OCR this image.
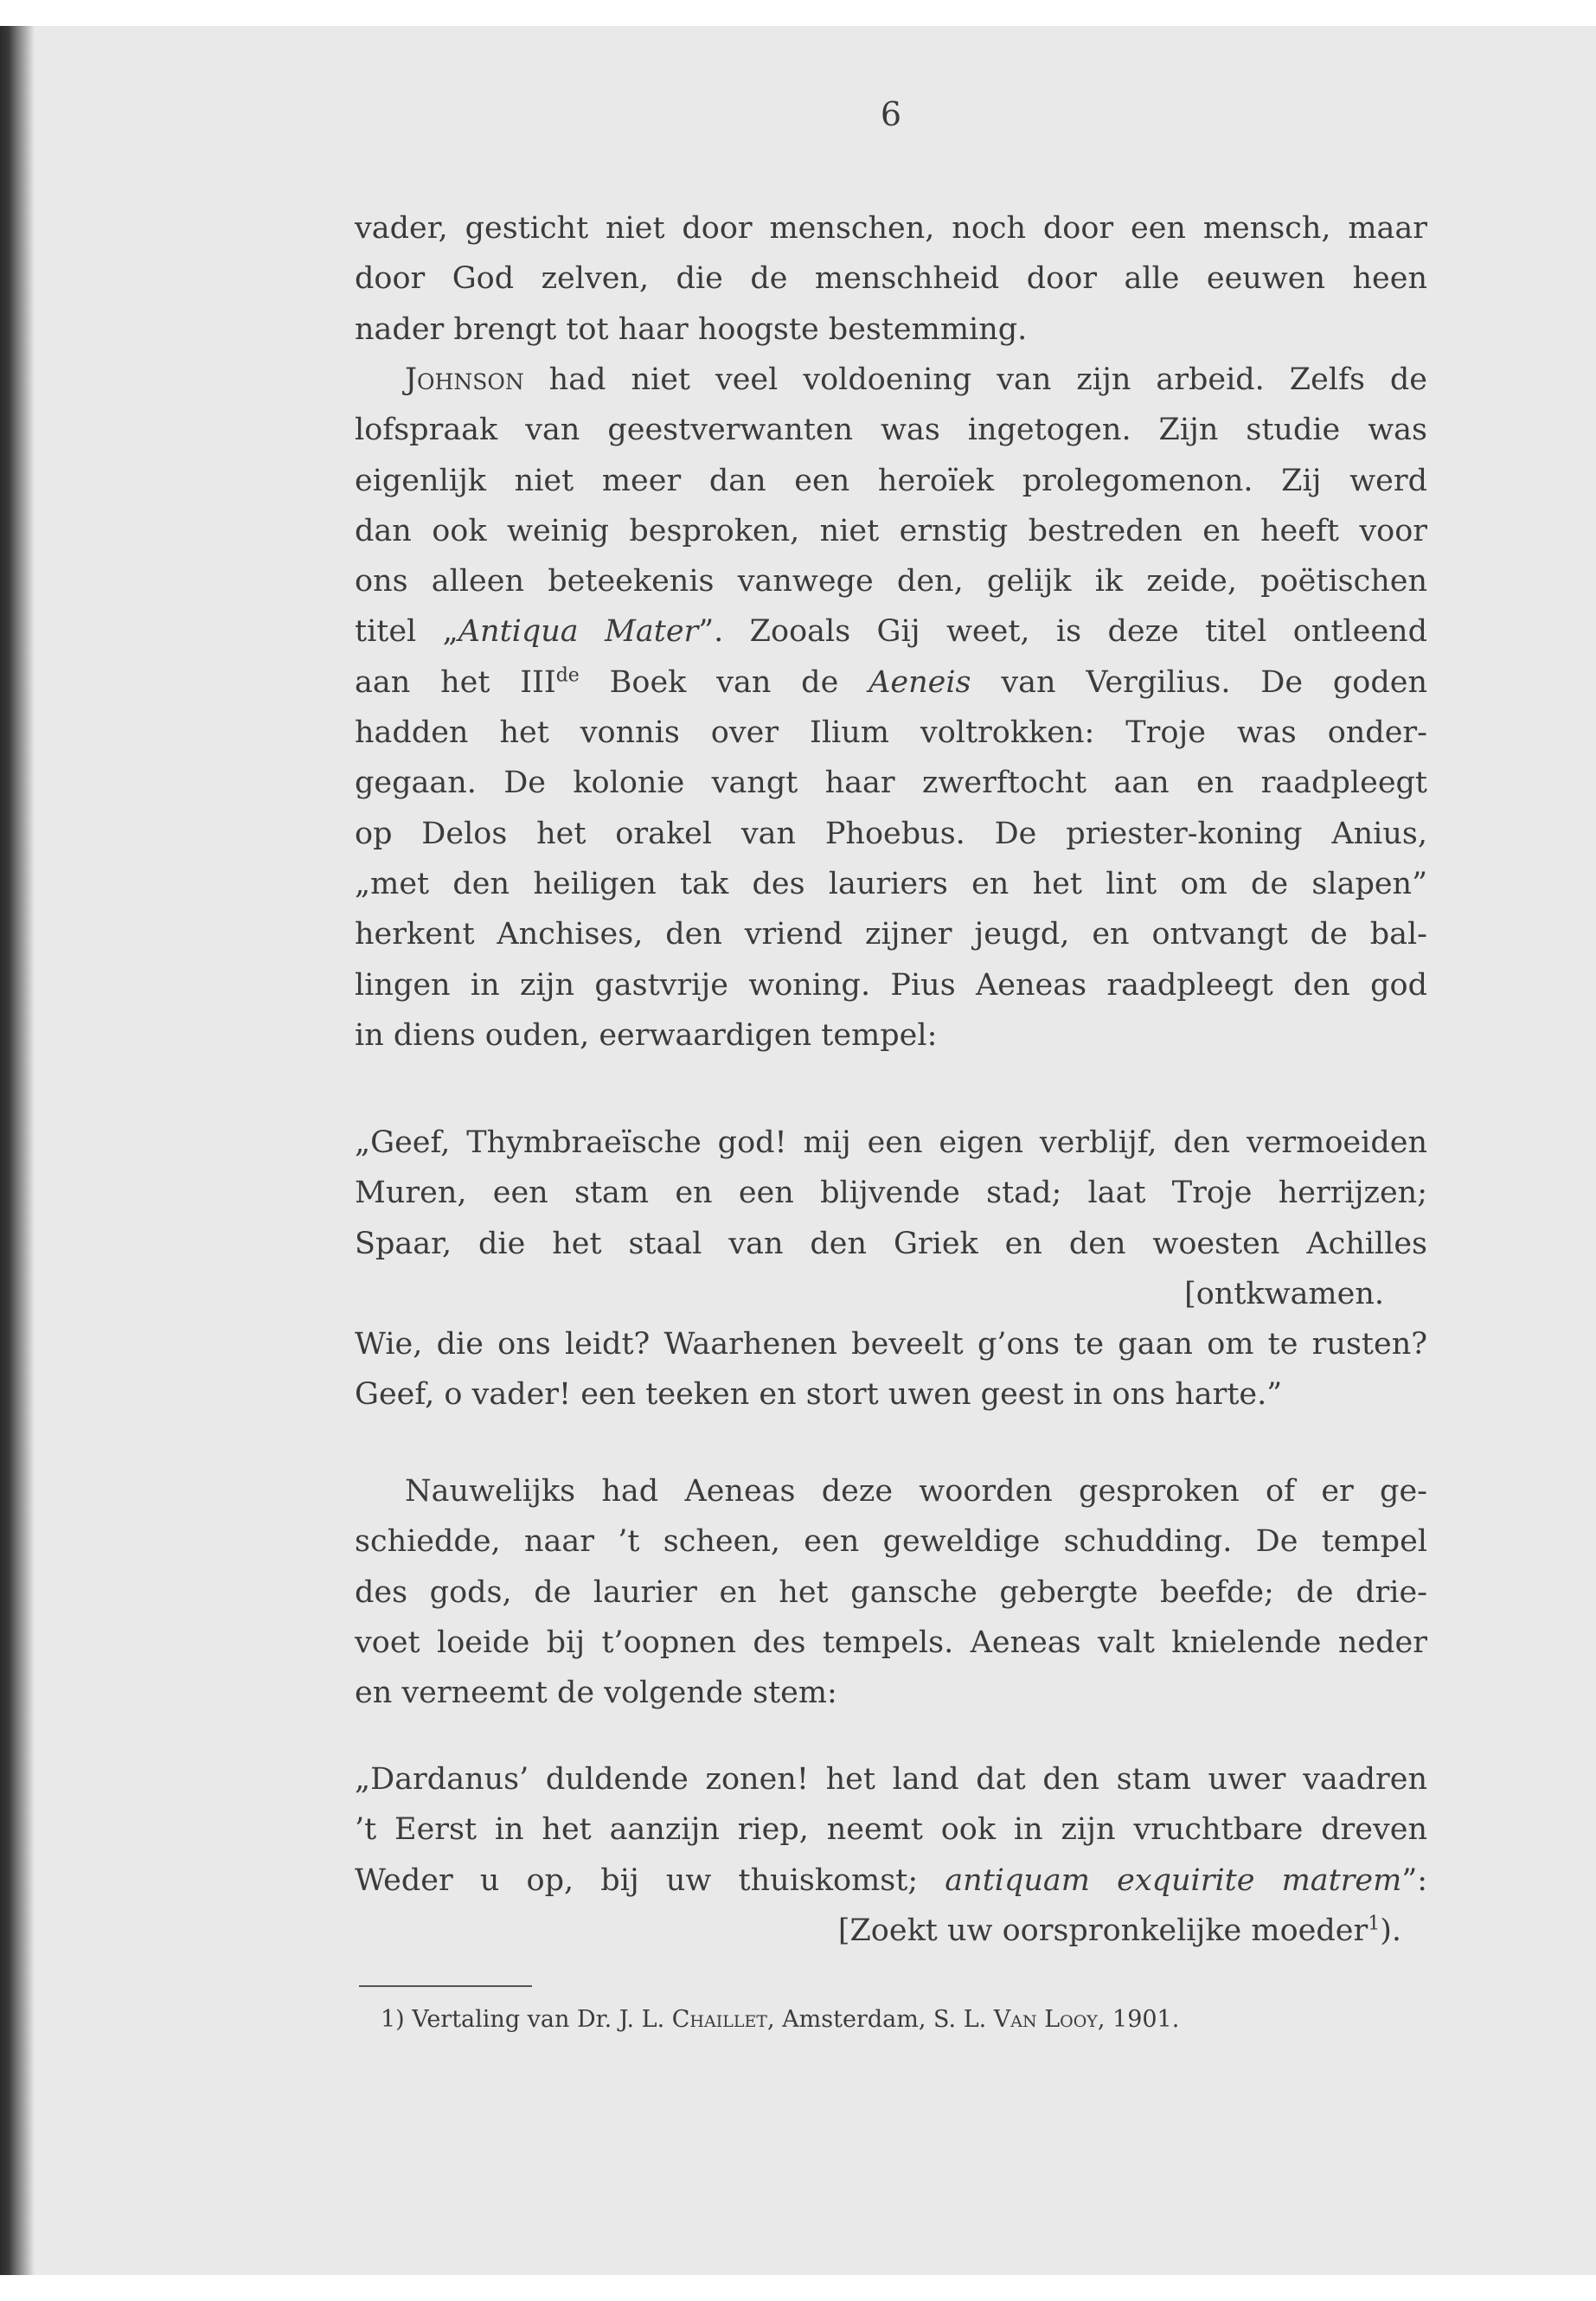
6
vader, gesticht niet door menschen, noch door een mensch, maar
door God zelven, die de menschheid door alle eeuwen heen
nader brengt tot haar hoogste bestemming.
Johnson had niet veel voldoening van zijn arbeid. Zelfs de
lofspraak van geestverwanten was ingetogen. Zijn studie was
eigenlijk niet meer dan een heroïek prolegomenon. Zij werd
dan ook weinig besproken, niet ernstig bestreden en heeft voor
ons alleen beteekenis vanwege den, gelijk ik zeide, poëtischen
titel „Antiqua Mater”. Zooals Gij weet, is deze titel ontleend
aan het IIIde Boek van de Aeneis van Vergilius. De goden
hadden het vonnis over Ilium voltrokken: Troje was onder-
gegaan. De kolonie vangt haar zwerftocht aan en raadpleegt
op Delos het orakel van Phoebus. De priester-koning Anius,
„met den heiligen tak des lauriers en het lint om de slapen”
herkent Anchises, den vriend zijner jeugd, en ontvangt de bal-
lingen in zijn gastvrije woning. Pius Aeneas raadpleegt den god
in diens ouden, eerwaardigen tempel:
„Geef, Thymbraeïsche god! mij een eigen verblijf, den vermoeiden
Muren, een stam en een blijvende stad; laat Troje herrijzen;
Spaar, die het staal van den Griek en den woesten Achilles
[ontkwamen.
Wie, die ons leidt? Waarhenen beveelt g’ons te gaan om te rusten?
Geef, o vader! een teeken en stort uwen geest in ons harte.”
Nauwelijks had Aeneas deze woorden gesproken of er ge-
schiedde, naar ’t scheen, een geweldige schudding. De tempel
des gods, de laurier en het gansche gebergte beefde; de drie-
voet loeide bij t’oopnen des tempels. Aeneas valt knielende neder
en verneemt de volgende stem:
„Dardanus’ duldende zonen! het land dat den stam uwer vaadren
’t Eerst in het aanzijn riep, neemt ook in zijn vruchtbare dreven
Weder u op, bij uw thuiskomst; antiquam exquirite matrem”:
[Zoekt uw oorspronkelijke moeder$^1$).
1) Vertaling van Dr. J. L. Chaillet, Amsterdam, S. L. Van Looy, 1901.
